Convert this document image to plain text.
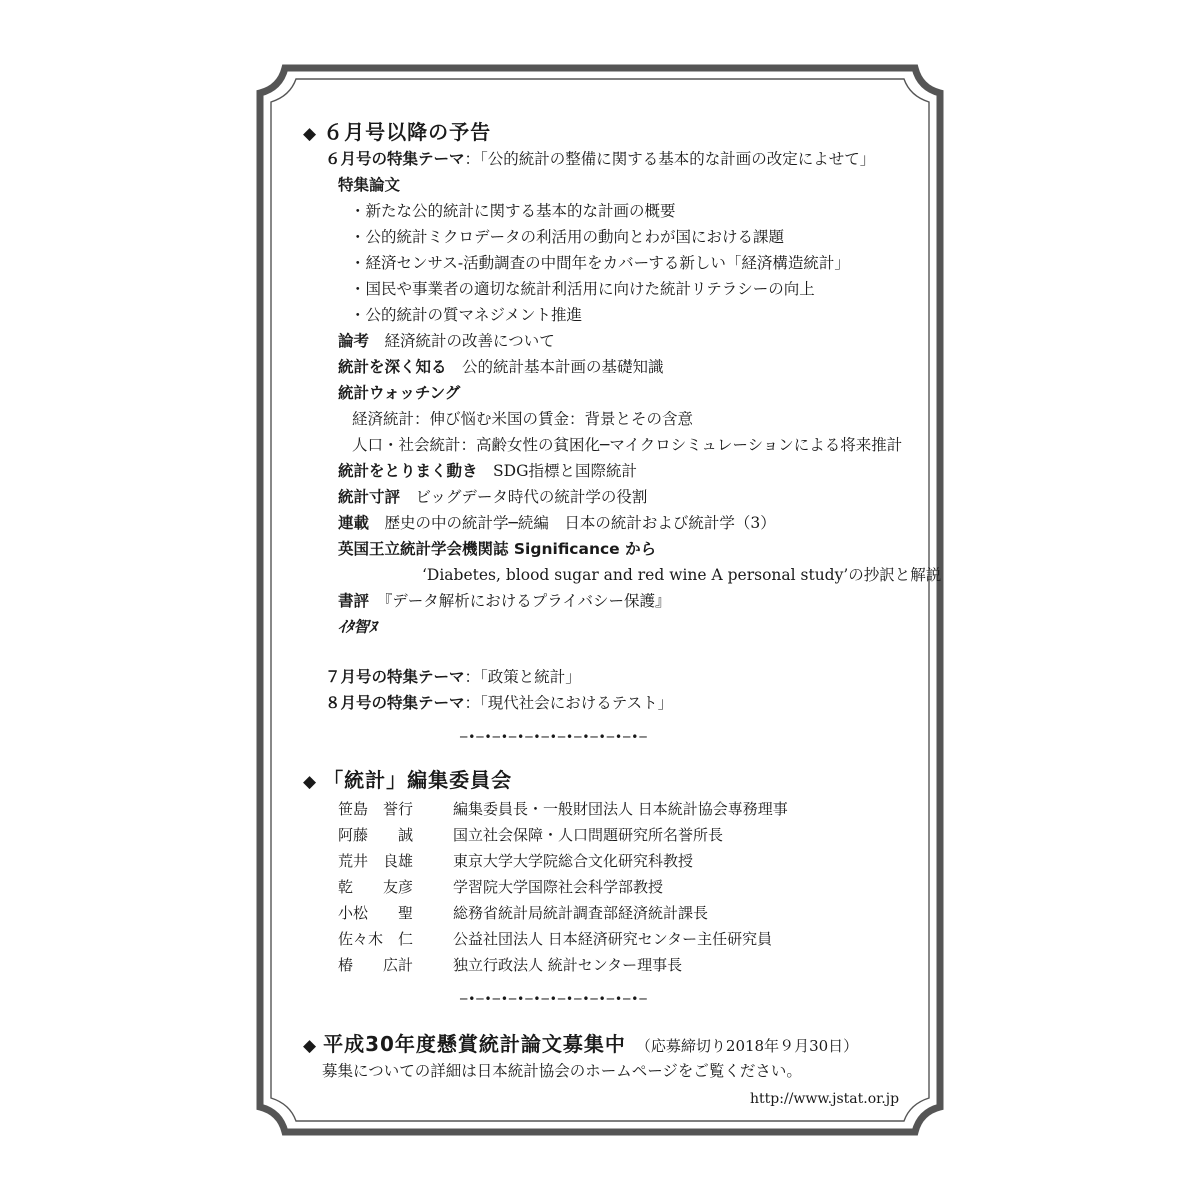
◆ ６月号以降の予告
６月号の特集テーマ：「公的統計の整備に関する基本的な計画の改定によせて」
特集論文
・新たな公的統計に関する基本的な計画の概要
・公的統計ミクロデータの利活用の動向とわが国における課題
・経済センサス-活動調査の中間年をカバーする新しい「経済構造統計」
・国民や事業者の適切な統計利活用に向けた統計リテラシーの向上
・公的統計の質マネジメント推進
論考　 経済統計の改善について
統計を深く知る　 公的統計基本計画の基礎知識
統計ウォッチング
経済統計：伸び悩む米国の賃金：背景とその含意
人口・社会統計：高齢女性の貧困化─マイクロシミュレーションによる将来推計
統計をとりまく動き　 SDG指標と国際統計
統計寸評　 ビッグデータ時代の統計学の役割
連載　 歴史の中の統計学─続編　日本の統計および統計学（3）
英国王立統計学会機関誌 Significance から
‘Diabetes, blood sugar and red wine A personal study’の抄訳と解説
書評　 『データ解析におけるプライバシー保護』
ｲﾀ智ﾇ
７月号の特集テーマ：「政策と統計」
８月号の特集テーマ：「現代社会におけるテスト」
─•─•─•─•─•─•─•─•─•─•─•─
◆ 「統計」編集委員会
笹島　誉行	編集委員長・一般財団法人 日本統計協会専務理事
阿藤　　誠	国立社会保障・人口問題研究所名誉所長
荒井　良雄	東京大学大学院総合文化研究科教授
乾　　友彦	学習院大学国際社会科学部教授
小松　　聖	総務省統計局統計調査部経済統計課長
佐々木　仁	公益社団法人 日本経済研究センター主任研究員
椿　　広計	独立行政法人 統計センター理事長
─•─•─•─•─•─•─•─•─•─•─•─
◆ 平成30年度懸賞統計論文募集中 （応募締切り2018年９月30日）
募集についての詳細は日本統計協会のホームページをご覧ください。
http://www.jstat.or.jp
